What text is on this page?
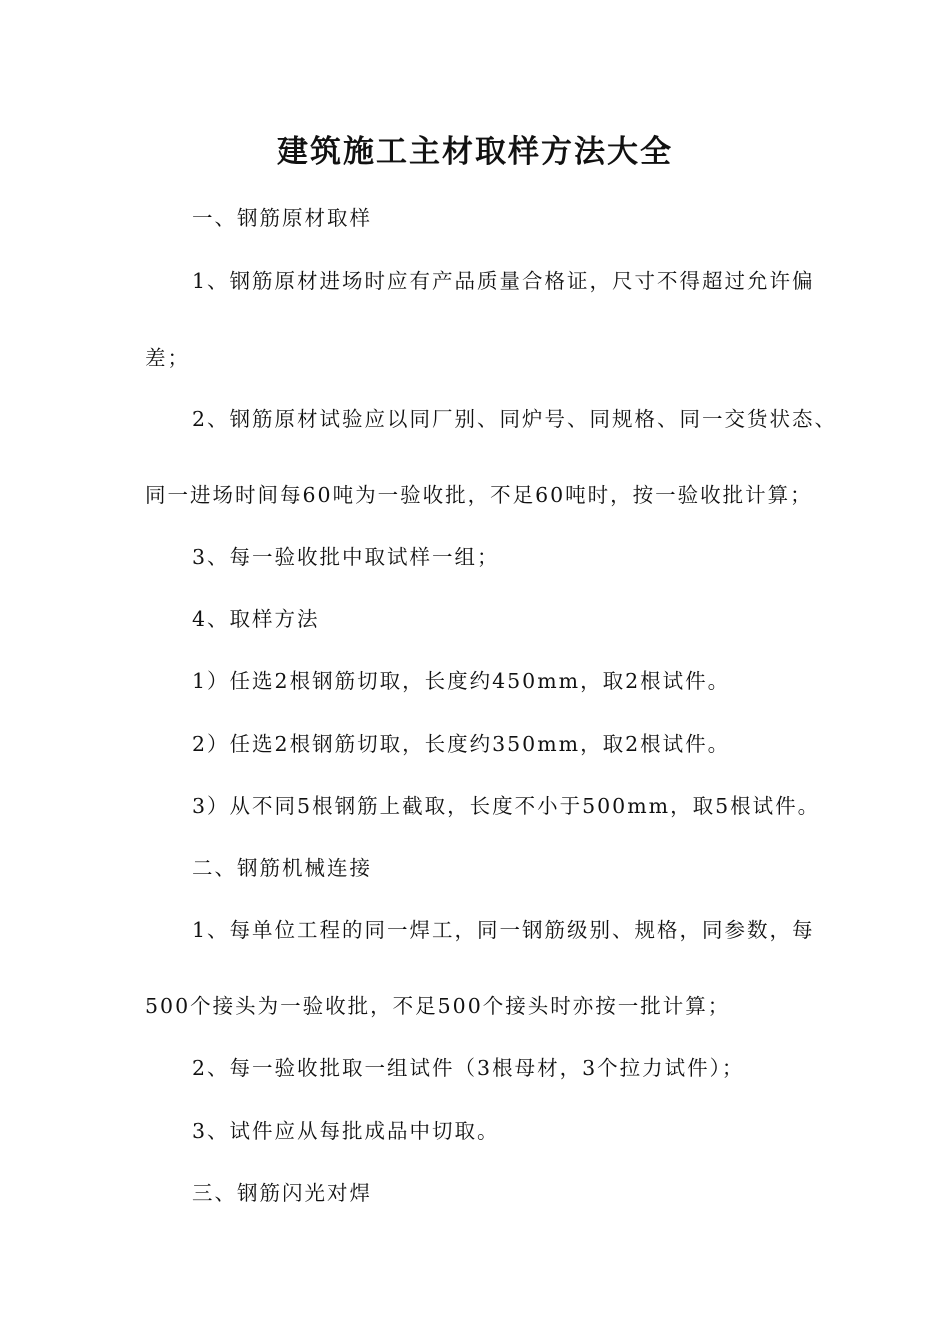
建筑施工主材取样方法大全
一、钢筋原材取样
1、钢筋原材进场时应有产品质量合格证，尺寸不得超过允许偏
差；
2、钢筋原材试验应以同厂别、同炉号、同规格、同一交货状态、
同一进场时间每60吨为一验收批，不足60吨时，按一验收批计算；
3、每一验收批中取试样一组；
4、取样方法
1）任选2根钢筋切取，长度约450mm，取2根试件。
2）任选2根钢筋切取，长度约350mm，取2根试件。
3）从不同5根钢筋上截取，长度不小于500mm，取5根试件。
二、钢筋机械连接
1、每单位工程的同一焊工，同一钢筋级别、规格，同参数，每
500个接头为一验收批，不足500个接头时亦按一批计算；
2、每一验收批取一组试件（3根母材，3个拉力试件）；
3、试件应从每批成品中切取。
三、钢筋闪光对焊
